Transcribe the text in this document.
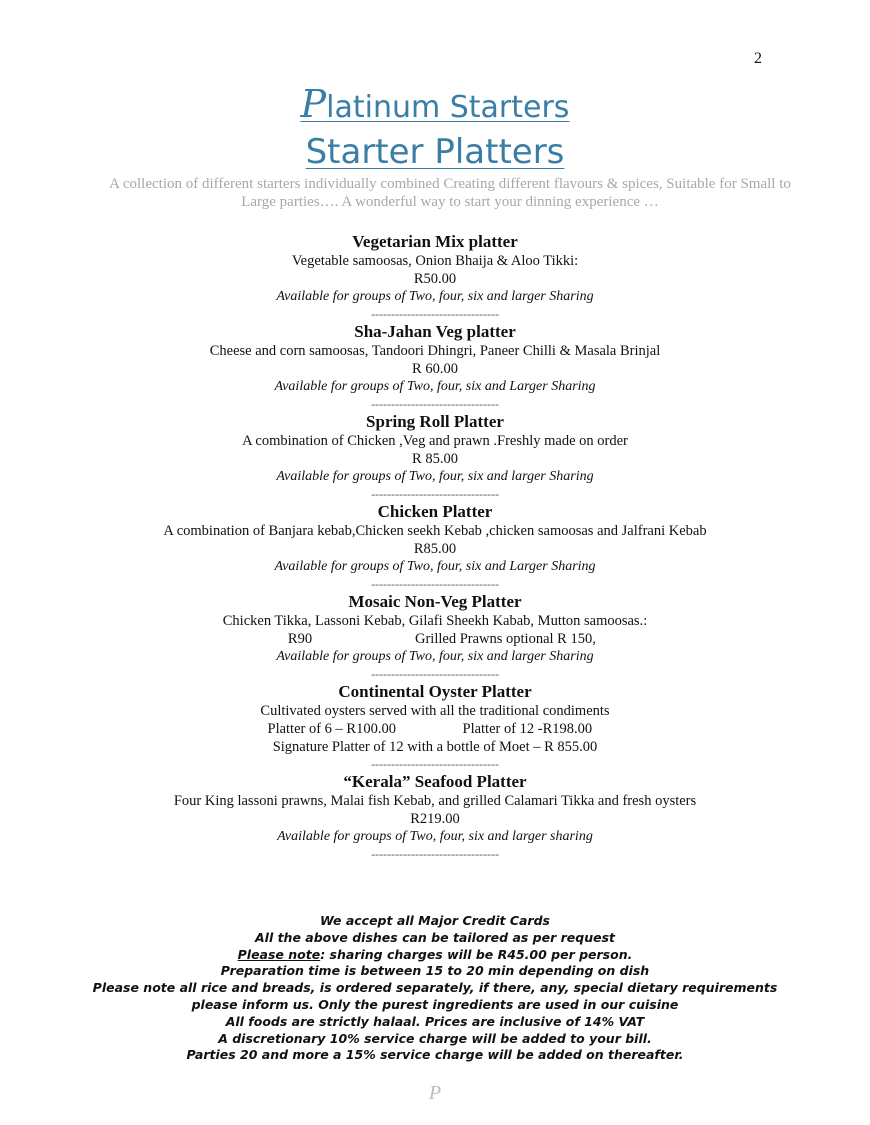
2
Platinum Starters
Starter Platters
A collection of different starters individually combined Creating different flavours & spices, Suitable for Small to
Large parties…. A wonderful way to start your dinning experience …
Vegetarian Mix platter
Vegetable samoosas, Onion Bhaija & Aloo Tikki:
R50.00
Available for groups of Two, four, six and larger Sharing
--------------------------------
Sha-Jahan Veg platter
Cheese and corn samoosas, Tandoori Dhingri, Paneer Chilli & Masala Brinjal
R 60.00
Available for groups of Two, four, six and Larger Sharing
--------------------------------
Spring Roll Platter
A combination of Chicken ,Veg and prawn .Freshly made on order
R 85.00
Available for groups of Two, four, six and larger Sharing
--------------------------------
Chicken Platter
A combination of Banjara kebab,Chicken seekh Kebab ,chicken samoosas and Jalfrani Kebab
R85.00
Available for groups of Two, four, six and Larger Sharing
--------------------------------
Mosaic Non-Veg Platter
Chicken Tikka, Lassoni Kebab, Gilafi Sheekh Kabab, Mutton samoosas.:
R90	Grilled Prawns optional R 150,
Available for groups of Two, four, six and larger Sharing
--------------------------------
Continental Oyster Platter
Cultivated oysters served with all the traditional condiments
Platter of 6 – R100.00	Platter of 12 -R198.00
Signature Platter of 12 with a bottle of Moet – R 855.00
--------------------------------
“Kerala” Seafood Platter
Four King lassoni prawns, Malai fish Kebab, and grilled Calamari Tikka and fresh oysters
R219.00
Available for groups of Two, four, six and larger sharing
--------------------------------
We accept all Major Credit Cards
All the above dishes can be tailored as per request
Please note: sharing charges will be R45.00 per person.
Preparation time is between 15 to 20 min depending on dish
Please note all rice and breads, is ordered separately, if there, any, special dietary requirements
please inform us. Only the purest ingredients are used in our cuisine
All foods are strictly halaal. Prices are inclusive of 14% VAT
A discretionary 10% service charge will be added to your bill.
Parties 20 and more a 15% service charge will be added on thereafter.
P
